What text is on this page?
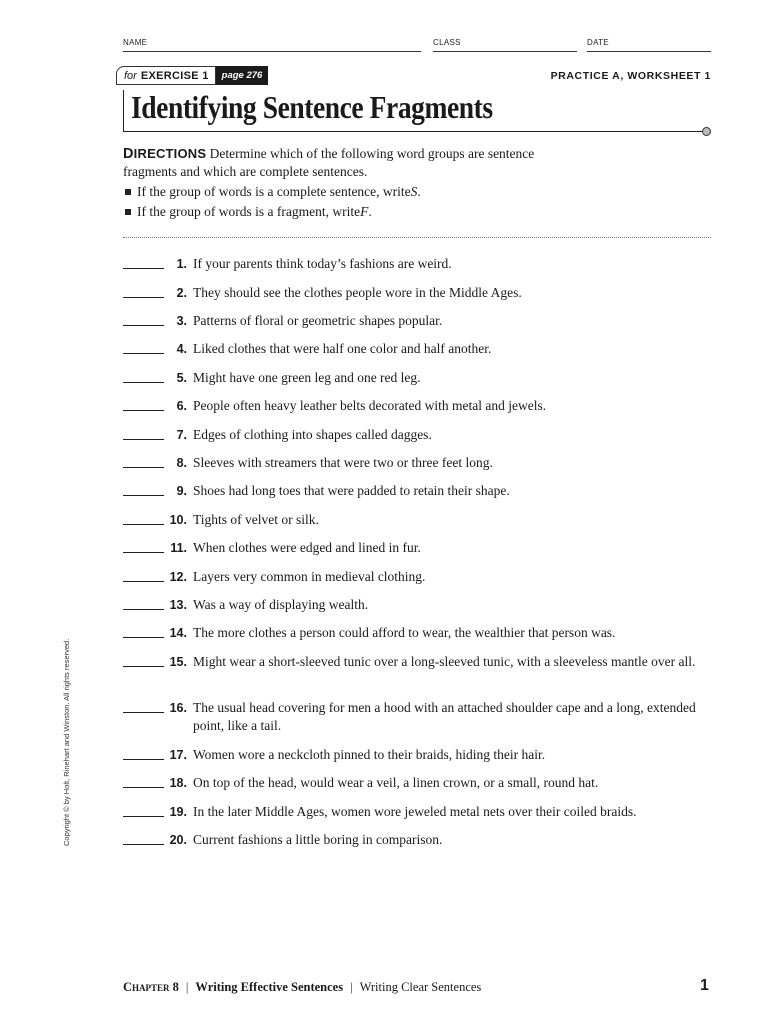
NAME	CLASS	DATE
for EXERCISE 1	page 276	PRACTICE A, WORKSHEET 1
Identifying Sentence Fragments
DIRECTIONS Determine which of the following word groups are sentence
fragments and which are complete sentences.
If the group of words is a complete sentence, write S .
If the group of words is a fragment, write F .
1. If your parents think today’s fashions are weird.
2. They should see the clothes people wore in the Middle Ages.
3. Patterns of floral or geometric shapes popular.
4. Liked clothes that were half one color and half another.
5. Might have one green leg and one red leg.
6. People often heavy leather belts decorated with metal and jewels.
7. Edges of clothing into shapes called dagges.
8. Sleeves with streamers that were two or three feet long.
9. Shoes had long toes that were padded to retain their shape.
10. Tights of velvet or silk.
11. When clothes were edged and lined in fur.
12. Layers very common in medieval clothing.
13. Was a way of displaying wealth.
14. The more clothes a person could afford to wear, the wealthier that person was.
15. Might wear a short-sleeved tunic over a long-sleeved tunic, with a sleeveless mantle over all.
16. The usual head covering for men a hood with an attached shoulder cape and a long, extended point, like a tail.
17. Women wore a neckcloth pinned to their braids, hiding their hair.
18. On top of the head, would wear a veil, a linen crown, or a small, round hat.
19. In the later Middle Ages, women wore jeweled metal nets over their coiled braids.
20. Current fashions a little boring in comparison.
Copyright © by Holt, Rinehart and Winston. All rights reserved.
Chapter 8 | Writing Effective Sentences | Writing Clear Sentences	1
